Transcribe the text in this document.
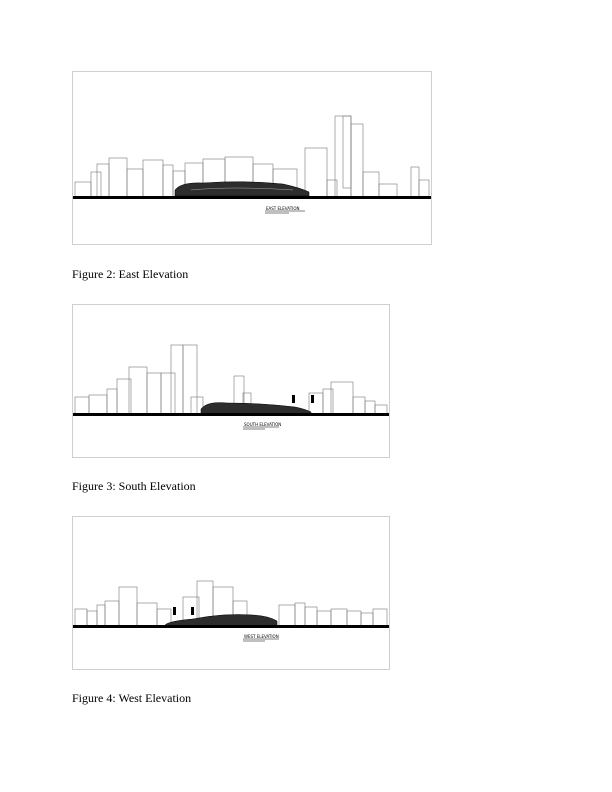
EAST ELEVATION
Figure 2: East Elevation
SOUTH ELEVATION
Figure 3: South Elevation
WEST ELEVATION
Figure 4: West Elevation
